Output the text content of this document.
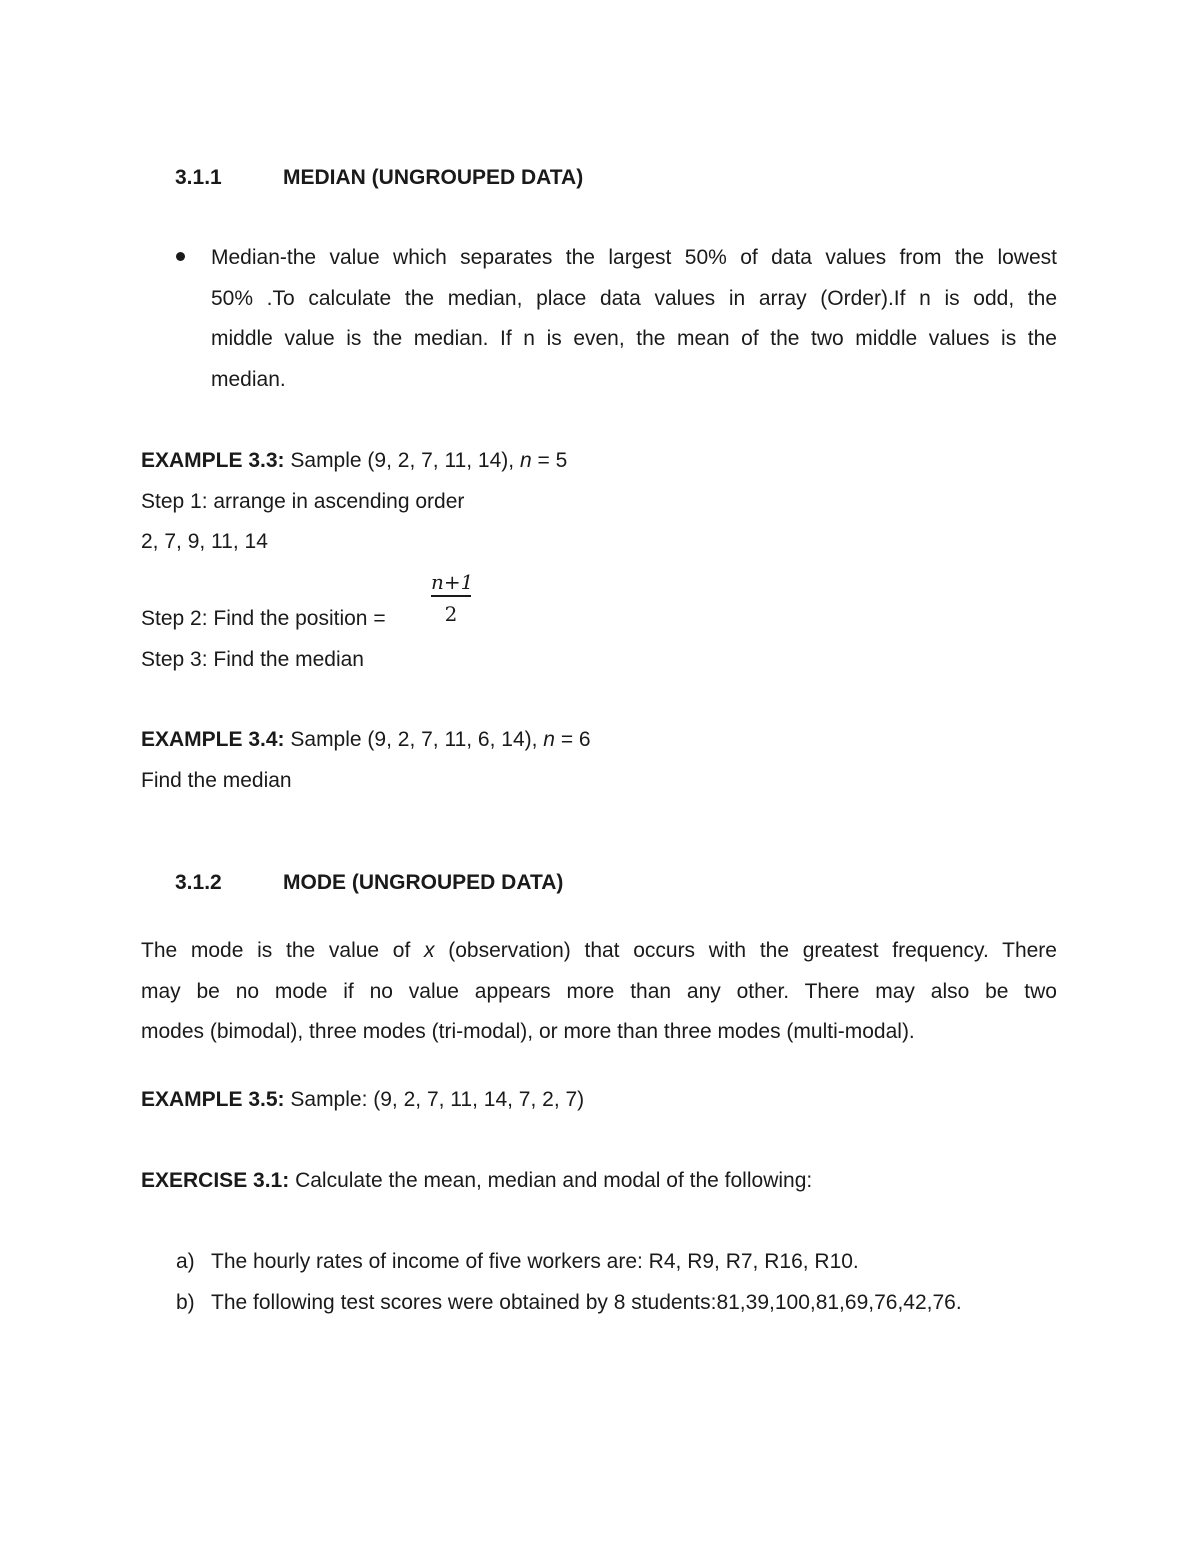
3.1.1	MEDIAN (UNGROUPED DATA)
Median-the value which separates the largest 50% of data values from the lowest
50% .To calculate the median, place data values in array (Order).If n is odd, the
middle value is the median. If n is even, the mean of the two middle values is the
median.
EXAMPLE 3.3: Sample (9, 2, 7, 11, 14), n = 5
Step 1: arrange in ascending order
2, 7, 9, 11, 14
n+1
2
Step 2: Find the position =
Step 3: Find the median
EXAMPLE 3.4: Sample (9, 2, 7, 11, 6, 14), n = 6
Find the median
3.1.2	MODE (UNGROUPED DATA)
The mode is the value of x (observation) that occurs with the greatest frequency. There
may be no mode if no value appears more than any other. There may also be two
modes (bimodal), three modes (tri-modal), or more than three modes (multi-modal).
EXAMPLE 3.5: Sample: (9, 2, 7, 11, 14, 7, 2, 7)
EXERCISE 3.1: Calculate the mean, median and modal of the following:
a) The hourly rates of income of five workers are: R4, R9, R7, R16, R10.
b) The following test scores were obtained by 8 students:81,39,100,81,69,76,42,76.
